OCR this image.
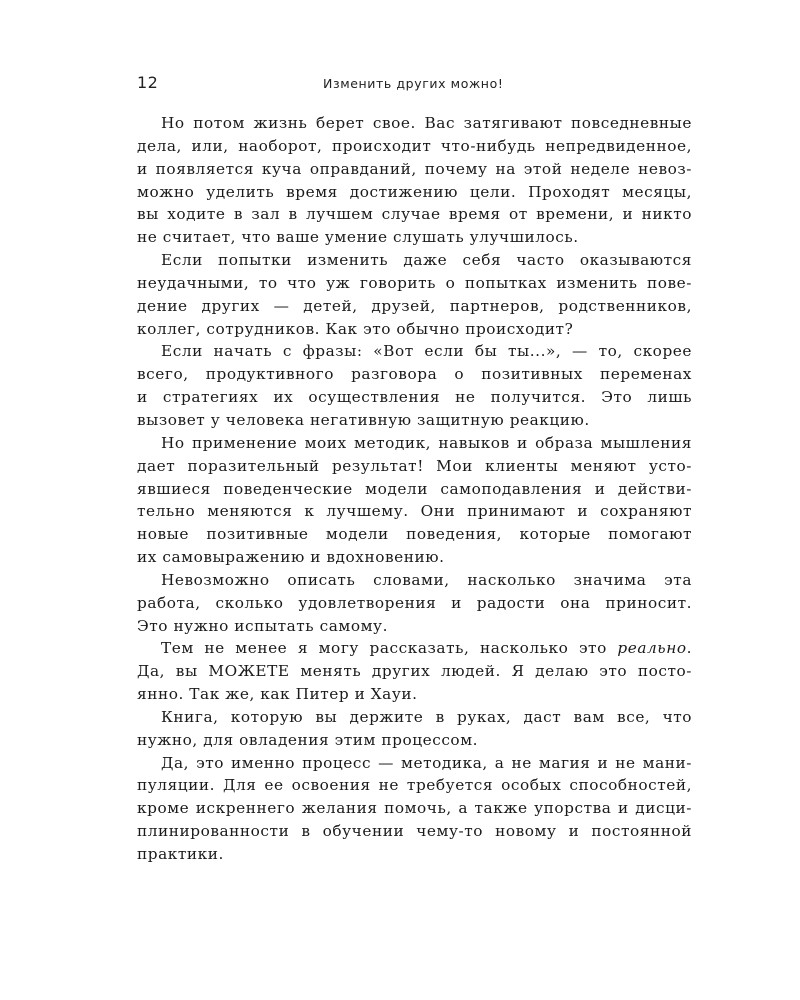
12	Изменить других можно!
Но потом жизнь берет свое. Вас затягивают повседневные
дела, или, наоборот, происходит что-нибудь непредвиденное,
и появляется куча оправданий, почему на этой неделе невоз-
можно уделить время достижению цели. Проходят месяцы,
вы ходите в зал в лучшем случае время от времени, и никто
не считает, что ваше умение слушать улучшилось.
Если попытки изменить даже себя часто оказываются
неудачными, то что уж говорить о попытках изменить пове-
дение других — детей, друзей, партнеров, родственников,
коллег, сотрудников. Как это обычно происходит?
Если начать с фразы: «Вот если бы ты...», — то, скорее
всего, продуктивного разговора о позитивных переменах
и стратегиях их осуществления не получится. Это лишь
вызовет у человека негативную защитную реакцию.
Но применение моих методик, навыков и образа мышления
дает поразительный результат! Мои клиенты меняют усто-
явшиеся поведенческие модели самоподавления и действи-
тельно меняются к лучшему. Они принимают и сохраняют
новые позитивные модели поведения, которые помогают
их самовыражению и вдохновению.
Невозможно описать словами, насколько значима эта
работа, сколько удовлетворения и радости она приносит.
Это нужно испытать самому.
Тем не менее я могу рассказать, насколько это реально.
Да, вы МОЖЕТЕ менять других людей. Я делаю это посто-
янно. Так же, как Питер и Хауи.
Книга, которую вы держите в руках, даст вам все, что
нужно, для овладения этим процессом.
Да, это именно процесс — методика, а не магия и не мани-
пуляции. Для ее освоения не требуется особых способностей,
кроме искреннего желания помочь, а также упорства и дисци-
плинированности в обучении чему-то новому и постоянной
практики.
